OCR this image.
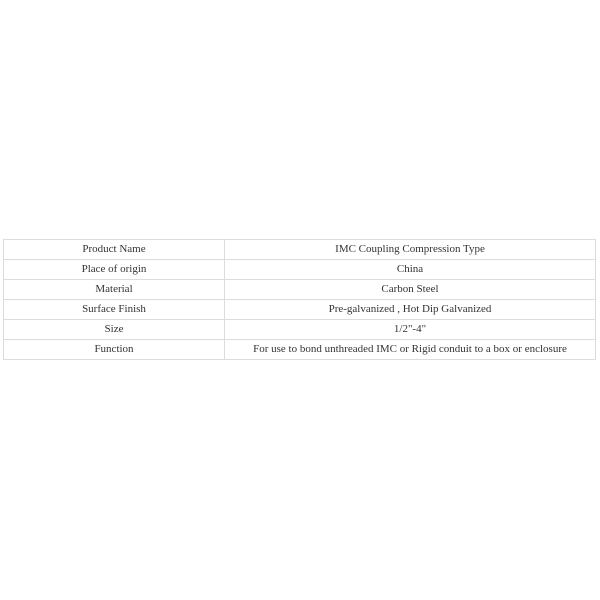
Product Name	IMC Coupling Compression Type
Place of origin	China
Material	Carbon Steel
Surface Finish	Pre-galvanized , Hot Dip Galvanized
Size	1/2"-4"
Function	For use to bond unthreaded IMC or Rigid conduit to a box or enclosure
